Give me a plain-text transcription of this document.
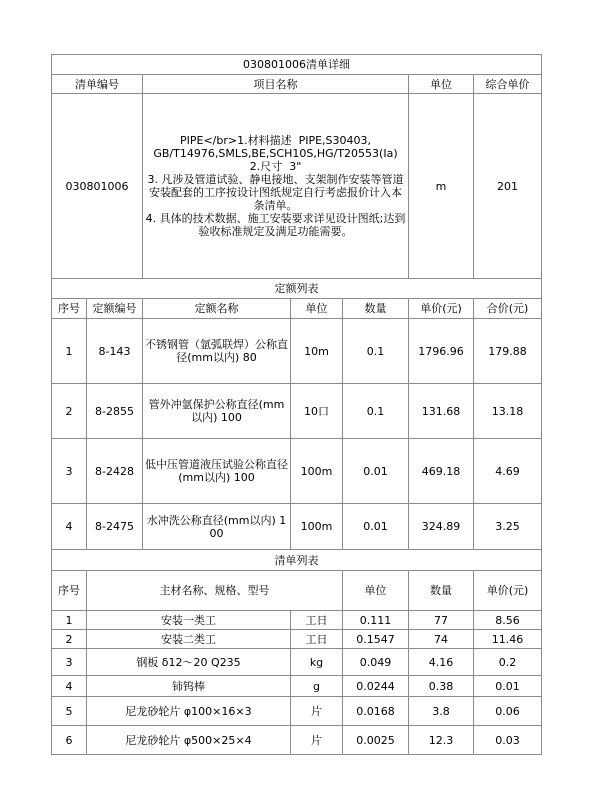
030801006清单详细							
清单编号		项目名称			单位	综合单价	
030801006		PIPE</br>1.材料描述  PIPE,S30403,
GB/T14976,SMLS,BE,SCH10S,HG/T20553(Ia)
2.尺寸  3"
3. 凡涉及管道试验、静电接地、支架制作安装等管道安装配套的工序按设计图纸规定自行考虑报价计入本条清单。
4. 具体的技术数据、施工安装要求详见设计图纸;达到验收标准规定及满足功能需要。			m	201	
定额列表							
序号	定额编号	定额名称	单位	数量	单价(元)	合价(元)	
1	8-143	不锈钢管（氩弧联焊）公称直径(mm以内) 80	10m	0.1	1796.96	179.88	
2	8-2855	管外冲氩保护公称直径(mm以内) 100	10口	0.1	131.68	13.18	
3	8-2428	低中压管道液压试验公称直径(mm以内) 100	100m	0.01	469.18	4.69	
4	8-2475	水冲洗公称直径(mm以内) 100	100m	0.01	324.89	3.25	
清单列表							
序号	主材名称、规格、型号			单位	数量	单价(元)	
1	安装一类工		工日	0.111	77	8.56	
2	安装二类工		工日	0.1547	74	11.46	
3	钢板 δ12～20 Q235		kg	0.049	4.16	0.2	
4	铈钨棒		g	0.0244	0.38	0.01	
5	尼龙砂轮片 φ100×16×3		片	0.0168	3.8	0.06	
6	尼龙砂轮片 φ500×25×4		片	0.0025	12.3	0.03	
